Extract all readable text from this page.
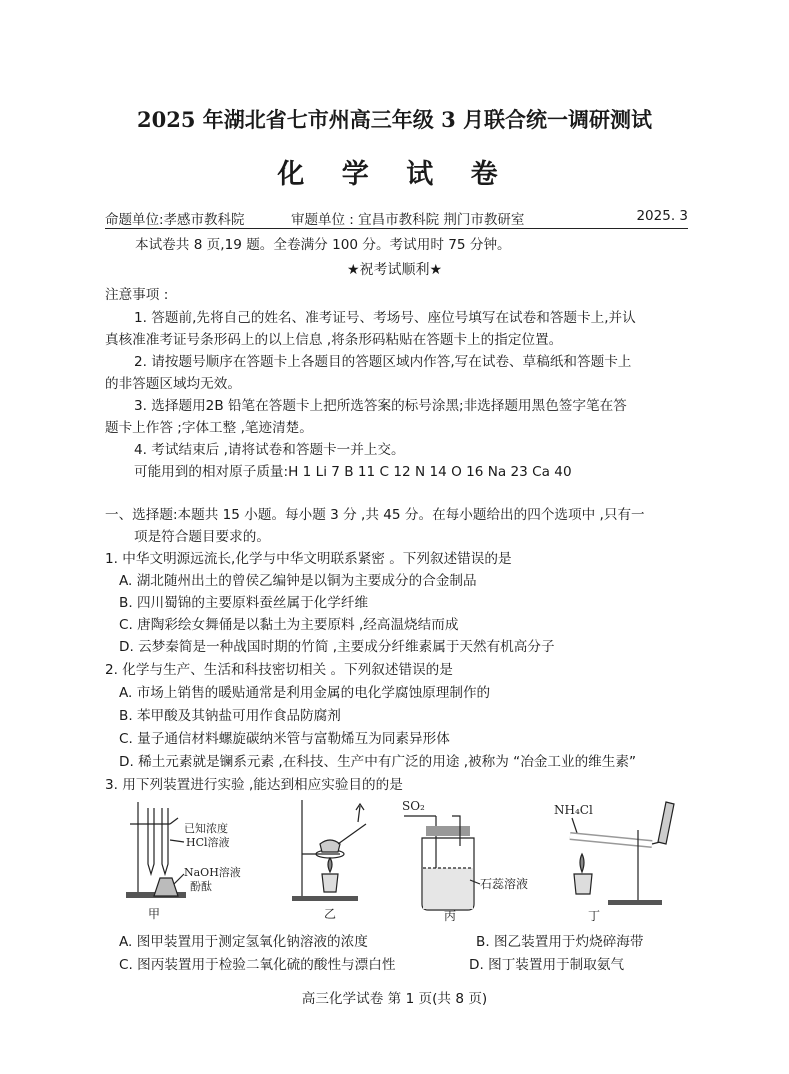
2025 年湖北省七市州高三年级 3 月联合统一调研测试
化 学 试 卷
命题单位:孝感市教科院	审题单位 : 宜昌市教科院 荆门市教研室	2025. 3
本试卷共 8 页,19 题。全卷满分 100 分。考试用时 75 分钟。
★祝考试顺利★
注意事项 :
1. 答题前,先将自己的姓名、准考证号、考场号、座位号填写在试卷和答题卡上,并认
真核准准考证号条形码上的以上信息 ,将条形码粘贴在答题卡上的指定位置。
2. 请按题号顺序在答题卡上各题目的答题区域内作答,写在试卷、草稿纸和答题卡上
的非答题区域均无效。
3. 选择题用2B 铅笔在答题卡上把所选答案的标号涂黑;非选择题用黑色签字笔在答
题卡上作答 ;字体工整 ,笔迹清楚。
4. 考试结束后 ,请将试卷和答题卡一并上交。
可能用到的相对原子质量:H 1 Li 7 B 11 C 12 N 14 O 16 Na 23 Ca 40
一、选择题:本题共 15 小题。每小题 3 分 ,共 45 分。在每小题给出的四个选项中 ,只有一
项是符合题目要求的。
1. 中华文明源远流长,化学与中华文明联系紧密 。下列叙述错误的是
A. 湖北随州出土的曾侯乙编钟是以铜为主要成分的合金制品
B. 四川蜀锦的主要原料蚕丝属于化学纤维
C. 唐陶彩绘女舞俑是以黏土为主要原料 ,经高温烧结而成
D. 云梦秦简是一种战国时期的竹简 ,主要成分纤维素属于天然有机高分子
2. 化学与生产、生活和科技密切相关 。下列叙述错误的是
A. 市场上销售的暖贴通常是利用金属的电化学腐蚀原理制作的
B. 苯甲酸及其钠盐可用作食品防腐剂
C. 量子通信材料螺旋碳纳米管与富勒烯互为同素异形体
D. 稀土元素就是镧系元素 ,在科技、生产中有广泛的用途 ,被称为 “冶金工业的维生素”
3. 用下列装置进行实验 ,能达到相应实验目的的是
已知浓度
HCl溶液
NaOH溶液
酚酞
甲	乙
SO₂
石蕊溶液
丙
NH₄Cl
丁
A. 图甲装置用于测定氢氧化钠溶液的浓度	B. 图乙装置用于灼烧碎海带
C. 图丙装置用于检验二氧化硫的酸性与漂白性	D. 图丁装置用于制取氨气
高三化学试卷 第 1 页(共 8 页)
